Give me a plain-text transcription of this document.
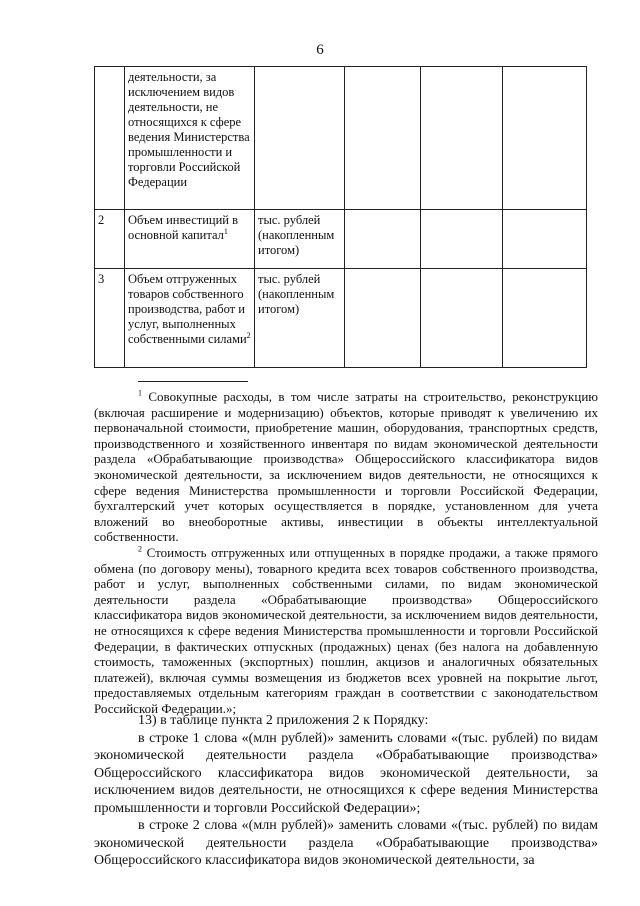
6
	деятельности, за исключением видов деятельности, не относящихся к сфере ведения Министерства промышленности и торговли Российской Федерации				
2	Объем инвестиций в основной капитал$^1$	тыс. рублей (накопленным итогом)			
3	Объем отгруженных товаров собственного производства, работ и услуг, выполненных собственными силами$^2$	тыс. рублей (накопленным итогом)			

$^1$ Совокупные расходы, в том числе затраты на строительство, реконструкцию (включая расширение и модернизацию) объектов, которые приводят к увеличению их первоначальной стоимости, приобретение машин, оборудования, транспортных средств, производственного и хозяйственного инвентаря по видам экономической деятельности раздела «Обрабатывающие производства» Общероссийского классификатора видов экономической деятельности, за исключением видов деятельности, не относящихся к сфере ведения Министерства промышленности и торговли Российской Федерации, бухгалтерский учет которых осуществляется в порядке, установленном для учета вложений во внеоборотные активы, инвестиции в объекты интеллектуальной собственности.

$^2$ Стоимость отгруженных или отпущенных в порядке продажи, а также прямого обмена (по договору мены), товарного кредита всех товаров собственного производства, работ и услуг, выполненных собственными силами, по видам экономической деятельности раздела «Обрабатывающие производства» Общероссийского классификатора видов экономической деятельности, за исключением видов деятельности, не относящихся к сфере ведения Министерства промышленности и торговли Российской Федерации, в фактических отпускных (продажных) ценах (без налога на добавленную стоимость, таможенных (экспортных) пошлин, акцизов и аналогичных обязательных платежей), включая суммы возмещения из бюджетов всех уровней на покрытие льгот, предоставляемых отдельным категориям граждан в соответствии с законодательством Российской Федерации.»;

13) в таблице пункта 2 приложения 2 к Порядку:

в строке 1 слова «(млн рублей)» заменить словами «(тыс. рублей) по видам экономической деятельности раздела «Обрабатывающие производства» Общероссийского классификатора видов экономической деятельности, за исключением видов деятельности, не относящихся к сфере ведения Министерства промышленности и торговли Российской Федерации»;

в строке 2 слова «(млн рублей)» заменить словами «(тыс. рублей) по видам экономической деятельности раздела «Обрабатывающие производства» Общероссийского классификатора видов экономической деятельности, за
